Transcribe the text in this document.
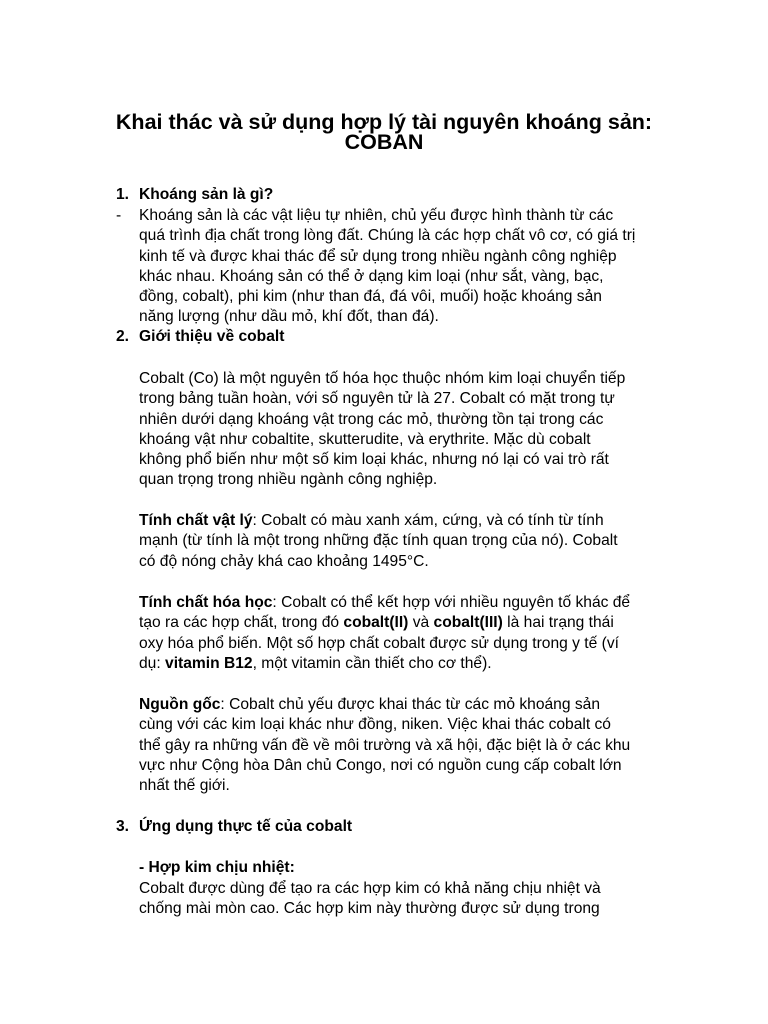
Khai thác và sử dụng hợp lý tài nguyên khoáng sản:
COBAN
1. Khoáng sản là gì?
- Khoáng sản là các vật liệu tự nhiên, chủ yếu được hình thành từ các
quá trình địa chất trong lòng đất. Chúng là các hợp chất vô cơ, có giá trị
kinh tế và được khai thác để sử dụng trong nhiều ngành công nghiệp
khác nhau. Khoáng sản có thể ở dạng kim loại (như sắt, vàng, bạc,
đồng, cobalt), phi kim (như than đá, đá vôi, muối) hoặc khoáng sản
năng lượng (như dầu mỏ, khí đốt, than đá).
2. Giới thiệu về cobalt
Cobalt (Co) là một nguyên tố hóa học thuộc nhóm kim loại chuyển tiếp
trong bảng tuần hoàn, với số nguyên tử là 27. Cobalt có mặt trong tự
nhiên dưới dạng khoáng vật trong các mỏ, thường tồn tại trong các
khoáng vật như cobaltite, skutterudite, và erythrite. Mặc dù cobalt
không phổ biến như một số kim loại khác, nhưng nó lại có vai trò rất
quan trọng trong nhiều ngành công nghiệp.
Tính chất vật lý: Cobalt có màu xanh xám, cứng, và có tính từ tính
mạnh (từ tính là một trong những đặc tính quan trọng của nó). Cobalt
có độ nóng chảy khá cao khoảng 1495°C.
Tính chất hóa học: Cobalt có thể kết hợp với nhiều nguyên tố khác để
tạo ra các hợp chất, trong đó cobalt(II) và cobalt(III) là hai trạng thái
oxy hóa phổ biến. Một số hợp chất cobalt được sử dụng trong y tế (ví
dụ: vitamin B12, một vitamin cần thiết cho cơ thể).
Nguồn gốc: Cobalt chủ yếu được khai thác từ các mỏ khoáng sản
cùng với các kim loại khác như đồng, niken. Việc khai thác cobalt có
thể gây ra những vấn đề về môi trường và xã hội, đặc biệt là ở các khu
vực như Cộng hòa Dân chủ Congo, nơi có nguồn cung cấp cobalt lớn
nhất thế giới.
3. Ứng dụng thực tế của cobalt
- Hợp kim chịu nhiệt:
Cobalt được dùng để tạo ra các hợp kim có khả năng chịu nhiệt và
chống mài mòn cao. Các hợp kim này thường được sử dụng trong
